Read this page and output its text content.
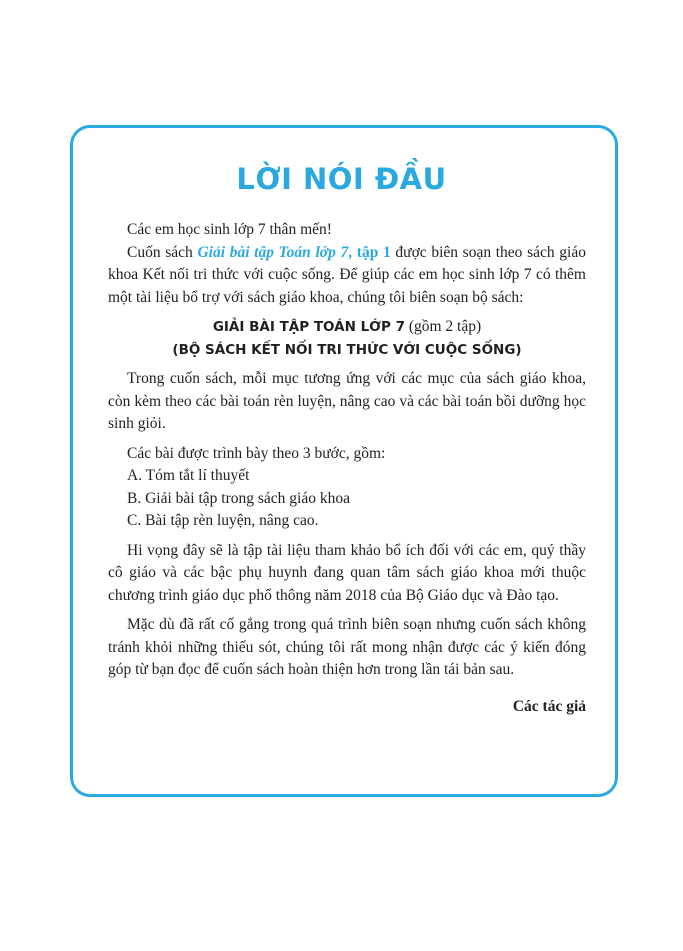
LỜI NÓI ĐẦU

Các em học sinh lớp 7 thân mến!

Cuốn sách Giải bài tập Toán lớp 7, tập 1 được biên soạn theo sách giáo khoa Kết nối tri thức với cuộc sống. Để giúp các em học sinh lớp 7 có thêm một tài liệu bổ trợ với sách giáo khoa, chúng tôi biên soạn bộ sách:

GIẢI BÀI TẬP TOÁN LỚP 7 (gồm 2 tập)

(BỘ SÁCH KẾT NỐI TRI THỨC VỚI CUỘC SỐNG)

Trong cuốn sách, mỗi mục tương ứng với các mục của sách giáo khoa, còn kèm theo các bài toán rèn luyện, nâng cao và các bài toán bồi dưỡng học sinh giỏi.

Các bài được trình bày theo 3 bước, gồm:

A. Tóm tắt lí thuyết

B. Giải bài tập trong sách giáo khoa

C. Bài tập rèn luyện, nâng cao.

Hi vọng đây sẽ là tập tài liệu tham khảo bổ ích đối với các em, quý thầy cô giáo và các bậc phụ huynh đang quan tâm sách giáo khoa mới thuộc chương trình giáo dục phổ thông năm 2018 của Bộ Giáo dục và Đào tạo.

Mặc dù đã rất cố gắng trong quá trình biên soạn nhưng cuốn sách không tránh khỏi những thiếu sót, chúng tôi rất mong nhận được các ý kiến đóng góp từ bạn đọc để cuốn sách hoàn thiện hơn trong lần tái bản sau.

Các tác giả
